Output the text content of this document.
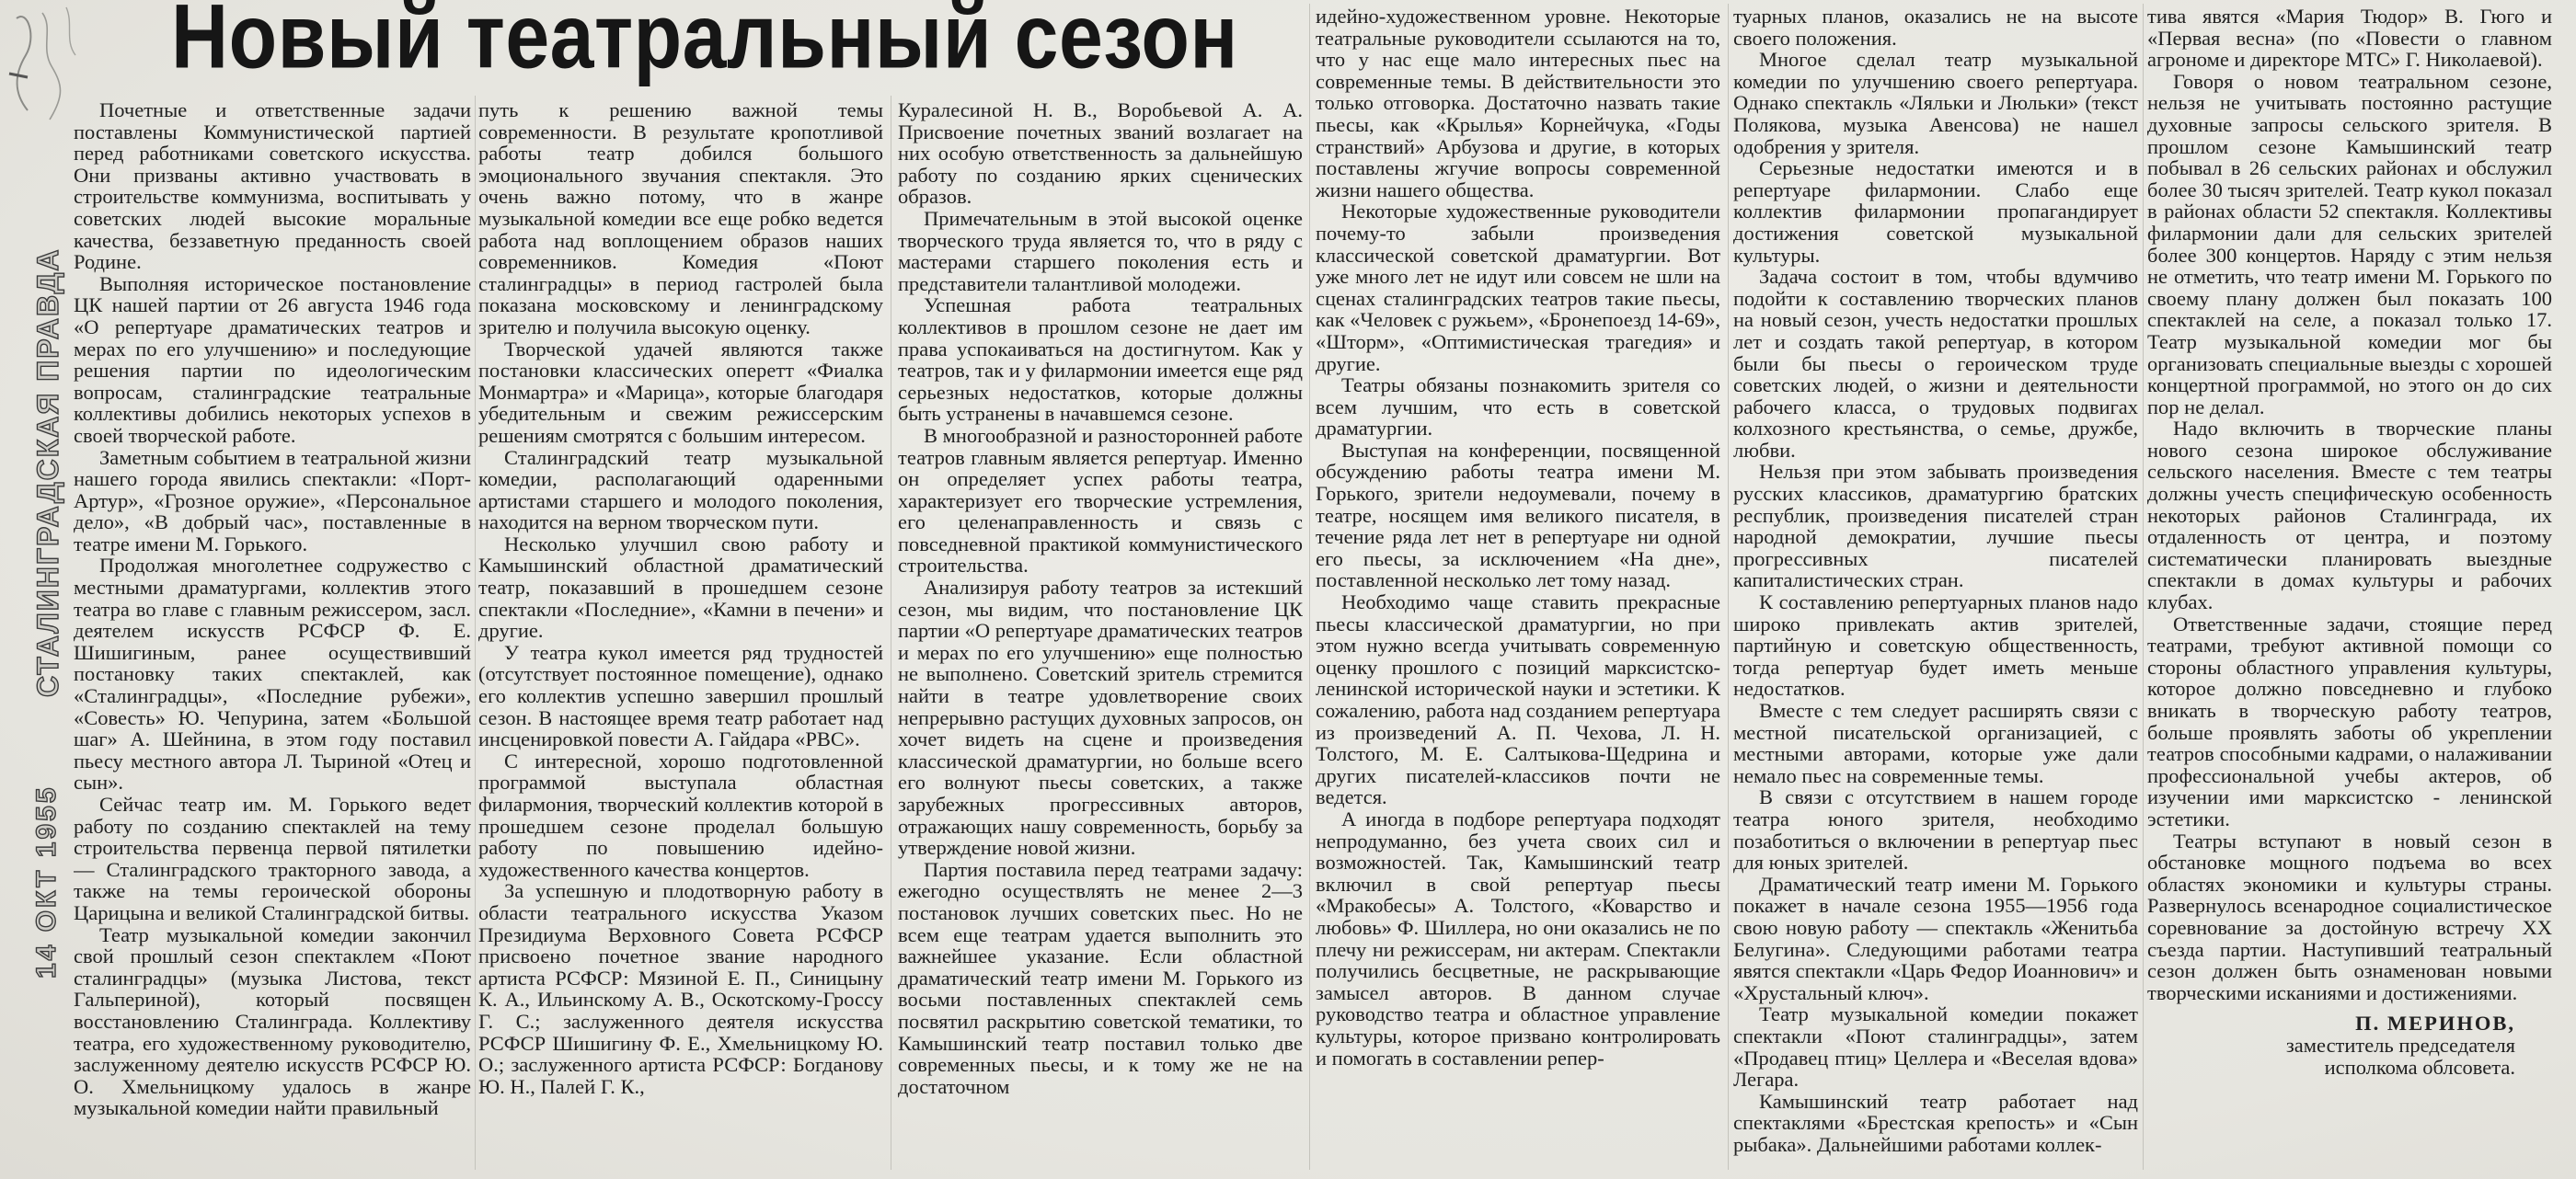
СТАЛИНГРАДСКАЯ ПРАВДА
14 ОКТ 1955
Новый театральный сезон

Почетные и ответственные задачи поставлены Коммунистической партией перед работниками советского искусства. Они призваны активно участвовать в строительстве коммунизма, воспитывать у советских людей высокие моральные качества, беззаветную преданность своей Родине.

Выполняя историческое постановление ЦК нашей партии от 26 августа 1946 года «О репертуаре драматических театров и мерах по его улучшению» и последующие решения партии по идеологическим вопросам, сталинградские театральные коллективы добились некоторых успехов в своей творческой работе.

Заметным событием в театральной жизни нашего города явились спектакли: «Порт-Артур», «Грозное оружие», «Персональное дело», «В добрый час», поставленные в театре имени М. Горького.

Продолжая многолетнее содружество с местными драматургами, коллектив этого театра во главе с главным режиссером, засл. деятелем искусств РСФСР Ф. Е. Шишигиным, ранее осуществивший постановку таких спектаклей, как «Сталинградцы», «Последние рубежи», «Совесть» Ю. Чепурина, затем «Большой шаг» А. Шейнина, в этом году поставил пьесу местного автора Л. Тыриной «Отец и сын».

Сейчас театр им. М. Горького ведет работу по созданию спектаклей на тему строительства первенца первой пятилетки — Сталинградского тракторного завода, а также на темы героической обороны Царицына и великой Сталинградской битвы.

Театр музыкальной комедии закончил свой прошлый сезон спектаклем «Поют сталинградцы» (музыка Листова, текст Гальпериной), который посвящен восстановлению Сталинграда. Коллективу театра, его художественному руководителю, заслуженному деятелю искусств РСФСР Ю. О. Хмельницкому удалось в жанре музыкальной комедии найти правильный

путь к решению важной темы современности. В результате кропотливой работы театр добился большого эмоционального звучания спектакля. Это очень важно потому, что в жанре музыкальной комедии все еще робко ведется работа над воплощением образов наших современников. Комедия «Поют сталинградцы» в период гастролей была показана московскому и ленинградскому зрителю и получила высокую оценку.

Творческой удачей являются также постановки классических оперетт «Фиалка Монмартра» и «Марица», которые благодаря убедительным и свежим режиссерским решениям смотрятся с большим интересом.

Сталинградский театр музыкальной комедии, располагающий одаренными артистами старшего и молодого поколения, находится на верном творческом пути.

Несколько улучшил свою работу и Камышинский областной драматический театр, показавший в прошедшем сезоне спектакли «Последние», «Камни в печени» и другие.

У театра кукол имеется ряд трудностей (отсутствует постоянное помещение), однако его коллектив успешно завершил прошлый сезон. В настоящее время театр работает над инсценировкой повести А. Гайдара «РВС».

С интересной, хорошо подготовленной программой выступала областная филармония, творческий коллектив которой в прошедшем сезоне проделал большую работу по повышению идейно-художественного качества концертов.

За успешную и плодотворную работу в области театрального искусства Указом Президиума Верховного Совета РСФСР присвоено почетное звание народного артиста РСФСР: Мязиной Е. П., Синицыну К. А., Ильинскому А. В., Оскотскому-Гроссу Г. С.; заслуженного деятеля искусства РСФСР Шишигину Ф. Е., Хмельницкому Ю. О.; заслуженного артиста РСФСР: Богданову Ю. Н., Палей Г. К.,

Куралесиной Н. В., Воробьевой А. А. Присвоение почетных званий возлагает на них особую ответственность за дальнейшую работу по созданию ярких сценических образов.

Примечательным в этой высокой оценке творческого труда является то, что в ряду с мастерами старшего поколения есть и представители талантливой молодежи.

Успешная работа театральных коллективов в прошлом сезоне не дает им права успокаиваться на достигнутом. Как у театров, так и у филармонии имеется еще ряд серьезных недостатков, которые должны быть устранены в начавшемся сезоне.

В многообразной и разносторонней работе театров главным является репертуар. Именно он определяет успех работы театра, характеризует его творческие устремления, его целенаправленность и связь с повседневной практикой коммунистического строительства.

Анализируя работу театров за истекший сезон, мы видим, что постановление ЦК партии «О репертуаре драматических театров и мерах по его улучшению» еще полностью не выполнено. Советский зритель стремится найти в театре удовлетворение своих непрерывно растущих духовных запросов, он хочет видеть на сцене и произведения классической драматургии, но больше всего его волнуют пьесы советских, а также зарубежных прогрессивных авторов, отражающих нашу современность, борьбу за утверждение новой жизни.

Партия поставила перед театрами задачу: ежегодно осуществлять не менее 2—3 постановок лучших советских пьес. Но не всем еще театрам удается выполнить это важнейшее указание. Если областной драматический театр имени М. Горького из восьми поставленных спектаклей семь посвятил раскрытию советской тематики, то Камышинский театр поставил только две современных пьесы, и к тому же не на достаточном

идейно-художественном уровне. Некоторые театральные руководители ссылаются на то, что у нас еще мало интересных пьес на современные темы. В действительности это только отговорка. Достаточно назвать такие пьесы, как «Крылья» Корнейчука, «Годы странствий» Арбузова и другие, в которых поставлены жгучие вопросы современной жизни нашего общества.

Некоторые художественные руководители почему-то забыли произведения классической советской драматургии. Вот уже много лет не идут или совсем не шли на сценах сталинградских театров такие пьесы, как «Человек с ружьем», «Бронепоезд 14-69», «Шторм», «Оптимистическая трагедия» и другие.

Театры обязаны познакомить зрителя со всем лучшим, что есть в советской драматургии.

Выступая на конференции, посвященной обсуждению работы театра имени М. Горького, зрители недоумевали, почему в театре, носящем имя великого писателя, в течение ряда лет нет в репертуаре ни одной его пьесы, за исключением «На дне», поставленной несколько лет тому назад.

Необходимо чаще ставить прекрасные пьесы классической драматургии, но при этом нужно всегда учитывать современную оценку прошлого с позиций марксистско-ленинской исторической науки и эстетики. К сожалению, работа над созданием репертуара из произведений А. П. Чехова, Л. Н. Толстого, М. Е. Салтыкова-Щедрина и других писателей-классиков почти не ведется.

А иногда в подборе репертуара подходят непродуманно, без учета своих сил и возможностей. Так, Камышинский театр включил в свой репертуар пьесы «Мракобесы» А. Толстого, «Коварство и любовь» Ф. Шиллера, но они оказались не по плечу ни режиссерам, ни актерам. Спектакли получились бесцветные, не раскрывающие замысел авторов. В данном случае руководство театра и областное управление культуры, которое призвано контролировать и помогать в составлении репер-

туарных планов, оказались не на высоте своего положения.

Многое сделал театр музыкальной комедии по улучшению своего репертуара. Однако спектакль «Ляльки и Люльки» (текст Полякова, музыка Авенсова) не нашел одобрения у зрителя.

Серьезные недостатки имеются и в репертуаре филармонии. Слабо еще коллектив филармонии пропагандирует достижения советской музыкальной культуры.

Задача состоит в том, чтобы вдумчиво подойти к составлению творческих планов на новый сезон, учесть недостатки прошлых лет и создать такой репертуар, в котором были бы пьесы о героическом труде советских людей, о жизни и деятельности рабочего класса, о трудовых подвигах колхозного крестьянства, о семье, дружбе, любви.

Нельзя при этом забывать произведения русских классиков, драматургию братских республик, произведения писателей стран народной демократии, лучшие пьесы прогрессивных писателей капиталистических стран.

К составлению репертуарных планов надо широко привлекать актив зрителей, партийную и советскую общественность, тогда репертуар будет иметь меньше недостатков.

Вместе с тем следует расширять связи с местной писательской организацией, с местными авторами, которые уже дали немало пьес на современные темы.

В связи с отсутствием в нашем городе театра юного зрителя, необходимо позаботиться о включении в репертуар пьес для юных зрителей.

Драматический театр имени М. Горького покажет в начале сезона 1955—1956 года свою новую работу — спектакль «Женитьба Белугина». Следующими работами театра явятся спектакли «Царь Федор Иоаннович» и «Хрустальный ключ».

Театр музыкальной комедии покажет спектакли «Поют сталинградцы», затем «Продавец птиц» Целлера и «Веселая вдова» Легара.

Камышинский театр работает над спектаклями «Брестская крепость» и «Сын рыбака». Дальнейшими работами коллек-

тива явятся «Мария Тюдор» В. Гюго и «Первая весна» (по «Повести о главном агрономе и директоре МТС» Г. Николаевой).

Говоря о новом театральном сезоне, нельзя не учитывать постоянно растущие духовные запросы сельского зрителя. В прошлом сезоне Камышинский театр побывал в 26 сельских районах и обслужил более 30 тысяч зрителей. Театр кукол показал в районах области 52 спектакля. Коллективы филармонии дали для сельских зрителей более 300 концертов. Наряду с этим нельзя не отметить, что театр имени М. Горького по своему плану должен был показать 100 спектаклей на селе, а показал только 17. Театр музыкальной комедии мог бы организовать специальные выезды с хорошей концертной программой, но этого он до сих пор не делал.

Надо включить в творческие планы нового сезона широкое обслуживание сельского населения. Вместе с тем театры должны учесть специфическую особенность некоторых районов Сталинграда, их отдаленность от центра, и поэтому систематически планировать выездные спектакли в домах культуры и рабочих клубах.

Ответственные задачи, стоящие перед театрами, требуют активной помощи со стороны областного управления культуры, которое должно повседневно и глубоко вникать в творческую работу театров, больше проявлять заботы об укреплении театров способными кадрами, о налаживании профессиональной учебы актеров, об изучении ими марксистско - ленинской эстетики.

Театры вступают в новый сезон в обстановке мощного подъема во всех областях экономики и культуры страны. Развернулось всенародное социалистическое соревнование за достойную встречу XX съезда партии. Наступивший театральный сезон должен быть ознаменован новыми творческими исканиями и достижениями.

П. МЕРИНОВ,
заместитель председателя
исполкома облсовета.
